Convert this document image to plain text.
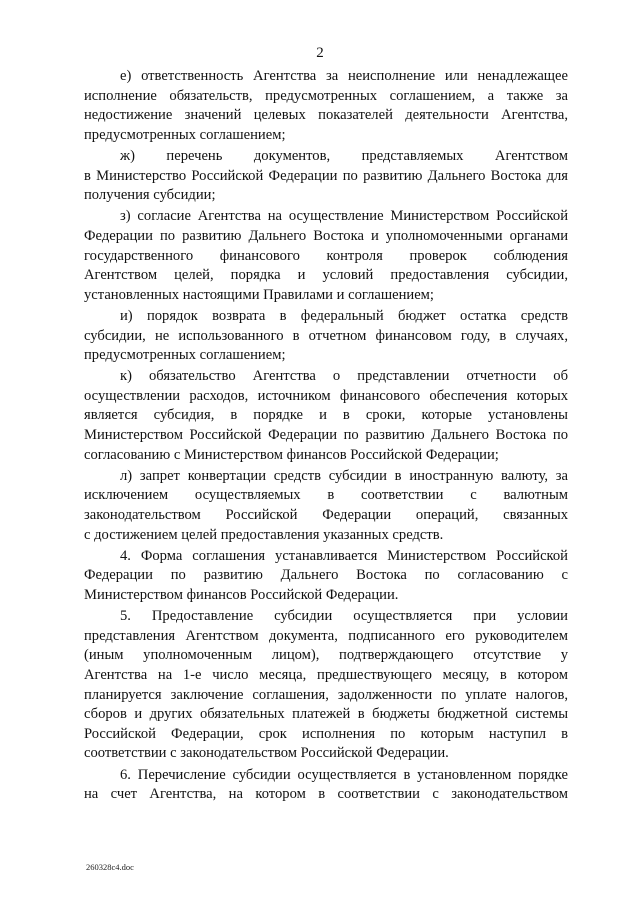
2
е) ответственность Агентства за неисполнение или ненадлежащее
исполнение обязательств, предусмотренных соглашением, а также за
недостижение значений целевых показателей деятельности Агентства,
предусмотренных соглашением;
ж) перечень документов, представляемых Агентством
в Министерство Российской Федерации по развитию Дальнего Востока для
получения субсидии;
з) согласие Агентства на осуществление Министерством Российской
Федерации по развитию Дальнего Востока и уполномоченными органами
государственного финансового контроля проверок соблюдения
Агентством целей, порядка и условий предоставления субсидии,
установленных настоящими Правилами и соглашением;
и) порядок возврата в федеральный бюджет остатка средств
субсидии, не использованного в отчетном финансовом году, в случаях,
предусмотренных соглашением;
к) обязательство Агентства о представлении отчетности об
осуществлении расходов, источником финансового обеспечения которых
является субсидия, в порядке и в сроки, которые установлены
Министерством Российской Федерации по развитию Дальнего Востока по
согласованию с Министерством финансов Российской Федерации;
л) запрет конвертации средств субсидии в иностранную валюту, за
исключением осуществляемых в соответствии с валютным
законодательством Российской Федерации операций, связанных
с достижением целей предоставления указанных средств.
4. Форма соглашения устанавливается Министерством Российской
Федерации по развитию Дальнего Востока по согласованию с
Министерством финансов Российской Федерации.
5. Предоставление субсидии осуществляется при условии
представления Агентством документа, подписанного его руководителем
(иным уполномоченным лицом), подтверждающего отсутствие у
Агентства на 1-е число месяца, предшествующего месяцу, в котором
планируется заключение соглашения, задолженности по уплате налогов,
сборов и других обязательных платежей в бюджеты бюджетной системы
Российской Федерации, срок исполнения по которым наступил в
соответствии с законодательством Российской Федерации.
6. Перечисление субсидии осуществляется в установленном порядке
на счет Агентства, на котором в соответствии с законодательством
260328c4.doc
